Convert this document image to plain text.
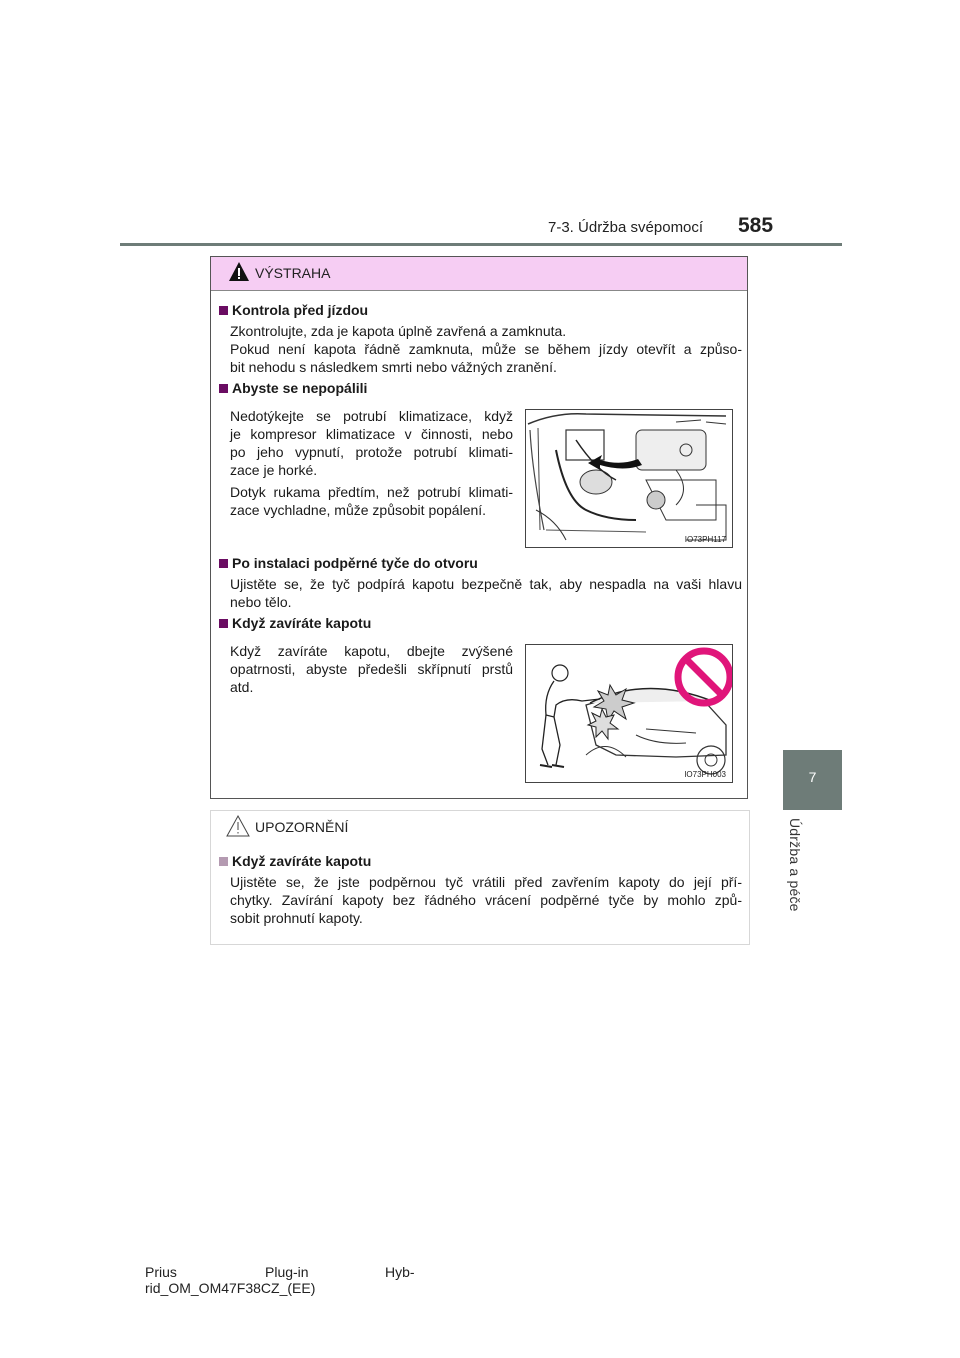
7-3. Údržba svépomocí 585
7
Údržba a péče
VÝSTRAHA
Kontrola před jízdou
Zkontrolujte, zda je kapota úplně zavřená a zamknuta.
Pokud není kapota řádně zamknuta, může se během jízdy otevřít a způso-
bit nehodu s následkem smrti nebo vážných zranění.
Abyste se nepopálili
Nedotýkejte se potrubí klimatizace, když
je kompresor klimatizace v činnosti, nebo
po jeho vypnutí, protože potrubí klimati-
zace je horké.
Dotyk rukama předtím, než potrubí klimati-
zace vychladne, může způsobit popálení.
IO73PH117
Po instalaci podpěrné tyče do otvoru
Ujistěte se, že tyč podpírá kapotu bezpečně tak, aby nespadla na vaši hlavu
nebo tělo.
Když zavíráte kapotu
Když zavíráte kapotu, dbejte zvýšené
opatrnosti, abyste předešli skřípnutí prstů
atd.
IO73PH003
UPOZORNĚNÍ
Když zavíráte kapotu
Ujistěte se, že jste podpěrnou tyč vrátili před zavřením kapoty do její pří-
chytky. Zavírání kapoty bez řádného vrácení podpěrné tyče by mohlo způ-
sobit prohnutí kapoty.
Prius	Plug-in	Hyb-
rid_OM_OM47F38CZ_(EE)
